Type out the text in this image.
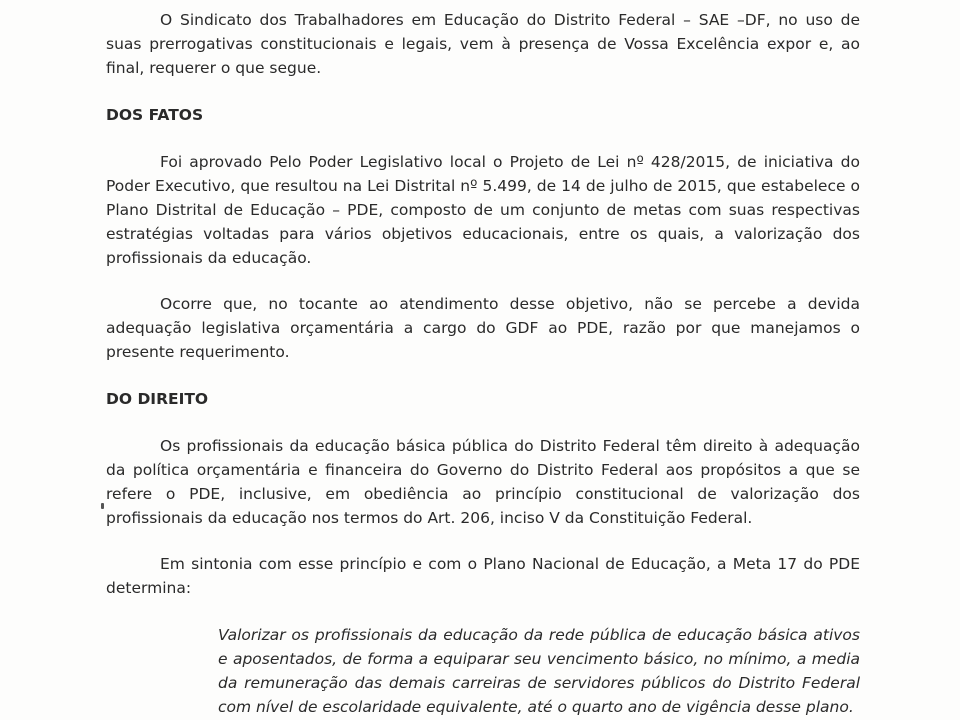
O Sindicato dos Trabalhadores em Educação do Distrito Federal – SAE –DF, no uso de suas prerrogativas constitucionais e legais, vem à presença de Vossa Excelência expor e, ao final, requerer o que segue.

DOS FATOS

Foi aprovado Pelo Poder Legislativo local o Projeto de Lei nº 428/2015, de iniciativa do Poder Executivo, que resultou na Lei Distrital nº 5.499, de 14 de julho de 2015, que estabelece o Plano Distrital de Educação – PDE, composto de um conjunto de metas com suas respectivas estratégias voltadas para vários objetivos educacionais, entre os quais, a valorização dos profissionais da educação.

Ocorre que, no tocante ao atendimento desse objetivo, não se percebe a devida adequação legislativa orçamentária a cargo do GDF ao PDE, razão por que manejamos o presente requerimento.

DO DIREITO

Os profissionais da educação básica pública do Distrito Federal têm direito à adequação da política orçamentária e financeira do Governo do Distrito Federal aos propósitos a que se refere o PDE, inclusive, em obediência ao princípio constitucional de valorização dos profissionais da educação nos termos do Art. 206, inciso V da Constituição Federal.

Em sintonia com esse princípio e com o Plano Nacional de Educação, a Meta 17 do PDE determina:

Valorizar os profissionais da educação da rede pública de educação básica ativos e aposentados, de forma a equiparar seu vencimento básico, no mínimo, a media da remuneração das demais carreiras de servidores públicos do Distrito Federal com nível de escolaridade equivalente, até o quarto ano de vigência desse plano.
